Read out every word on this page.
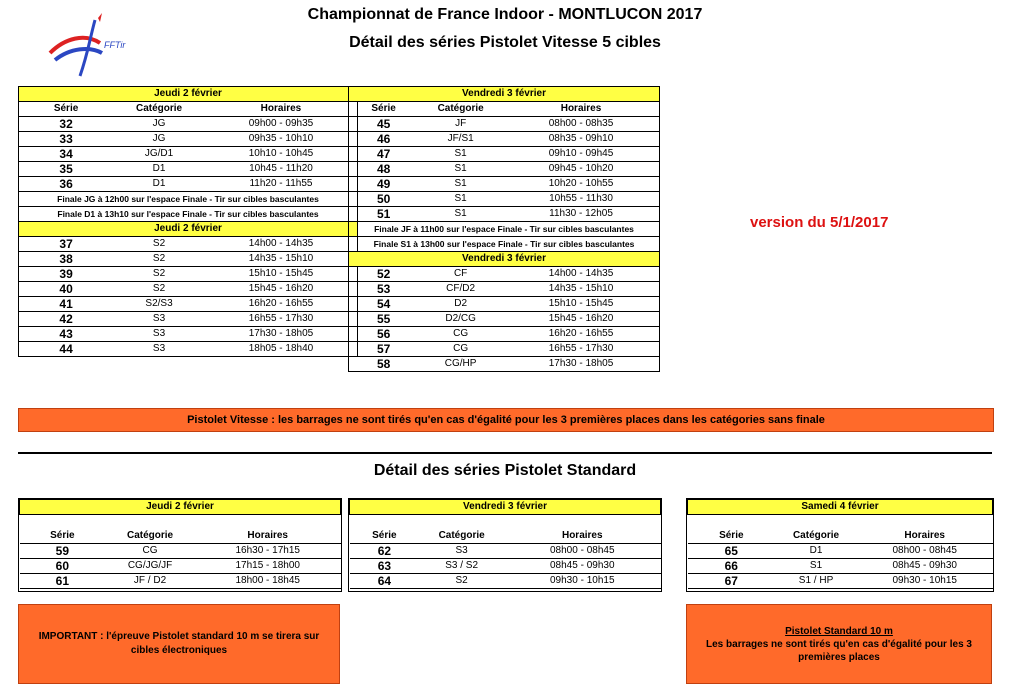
FFTir
Championnat de France Indoor - MONTLUCON 2017
Détail des séries Pistolet Vitesse 5 cibles
version du 5/1/2017
Jeudi 2 février		
Série	Catégorie	Horaires
32	JG	09h00 - 09h35
33	JG	09h35 - 10h10
34	JG/D1	10h10 - 10h45
35	D1	10h45 - 11h20
36	D1	11h20 - 11h55
Finale JG à 12h00 sur l'espace Finale - Tir sur cibles basculantes		
Finale D1 à 13h10 sur l'espace Finale - Tir sur cibles basculantes		
Jeudi 2 février		
37	S2	14h00 - 14h35
38	S2	14h35 - 15h10
39	S2	15h10 - 15h45
40	S2	15h45 - 16h20
41	S2/S3	16h20 - 16h55
42	S3	16h55 - 17h30
43	S3	17h30 - 18h05
44	S3	18h05 - 18h40
Vendredi 3 février		
Série	Catégorie	Horaires
45	JF	08h00 - 08h35
46	JF/S1	08h35 - 09h10
47	S1	09h10 - 09h45
48	S1	09h45 - 10h20
49	S1	10h20 - 10h55
50	S1	10h55 - 11h30
51	S1	11h30 - 12h05
Finale JF à 11h00 sur l'espace Finale - Tir sur cibles basculantes		
Finale S1 à 13h00 sur l'espace Finale - Tir sur cibles basculantes		
Vendredi 3 février		
52	CF	14h00 - 14h35
53	CF/D2	14h35 - 15h10
54	D2	15h10 - 15h45
55	D2/CG	15h45 - 16h20
56	CG	16h20 - 16h55
57	CG	16h55 - 17h30
58	CG/HP	17h30 - 18h05
Pistolet Vitesse : les barrages ne sont tirés qu'en cas d'égalité pour les 3 premières places dans les catégories sans finale
Détail des séries Pistolet Standard
Jeudi 2 février		

Série	Catégorie	Horaires
59	CG	16h30 - 17h15
60	CG/JG/JF	17h15 - 18h00
61	JF / D2	18h00 - 18h45
Vendredi 3 février		

Série	Catégorie	Horaires
62	S3	08h00 - 08h45
63	S3 / S2	08h45 - 09h30
64	S2	09h30 - 10h15
Samedi 4 février		

Série	Catégorie	Horaires
65	D1	08h00 - 08h45
66	S1	08h45 - 09h30
67	S1 / HP	09h30 - 10h15
IMPORTANT : l'épreuve Pistolet standard 10 m se tirera sur cibles électroniques
Pistolet Standard 10 m
Les barrages ne sont tirés qu'en cas d'égalité pour les 3 premières places
